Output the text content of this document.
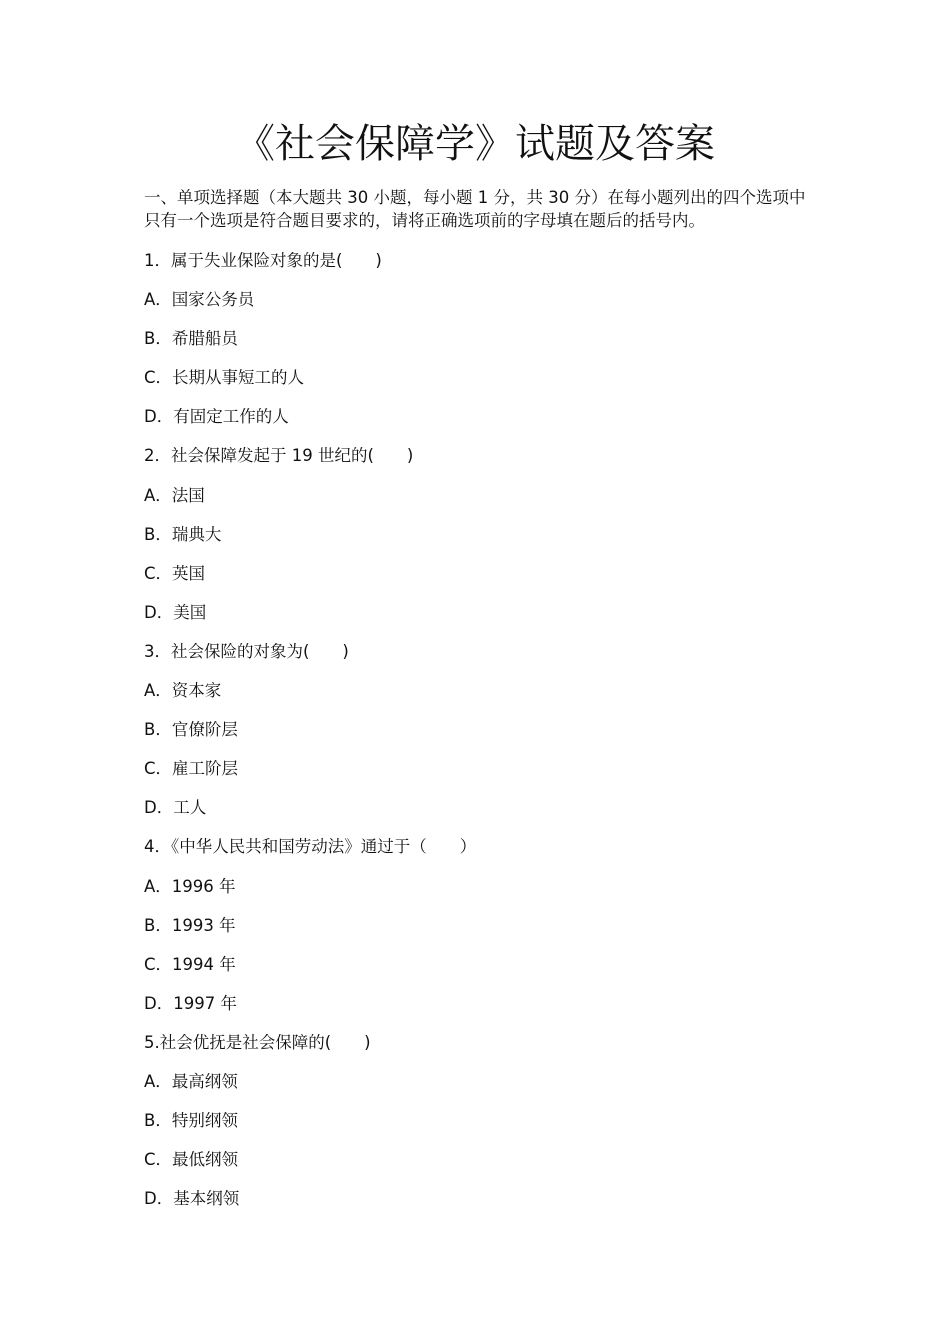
《社会保障学》试题及答案

一、单项选择题（本大题共 30 小题，每小题 1 分，共 30 分）在每小题列出的四个选项中只有一个选项是符合题目要求的，请将正确选项前的字母填在题后的括号内。

1．属于失业保险对象的是(　　)
A．国家公务员
B．希腊船员
C．长期从事短工的人
D．有固定工作的人
2．社会保障发起于 19 世纪的(　　)
A．法国
B．瑞典大
C．英国
D．美国
3．社会保险的对象为(　　)
A．资本家
B．官僚阶层
C．雇工阶层
D．工人
4．《中华人民共和国劳动法》通过于（　　）
A．1996 年
B．1993 年
C．1994 年
D．1997 年
5.社会优抚是社会保障的(　　)
A．最高纲领
B．特别纲领
C．最低纲领
D．基本纲领
